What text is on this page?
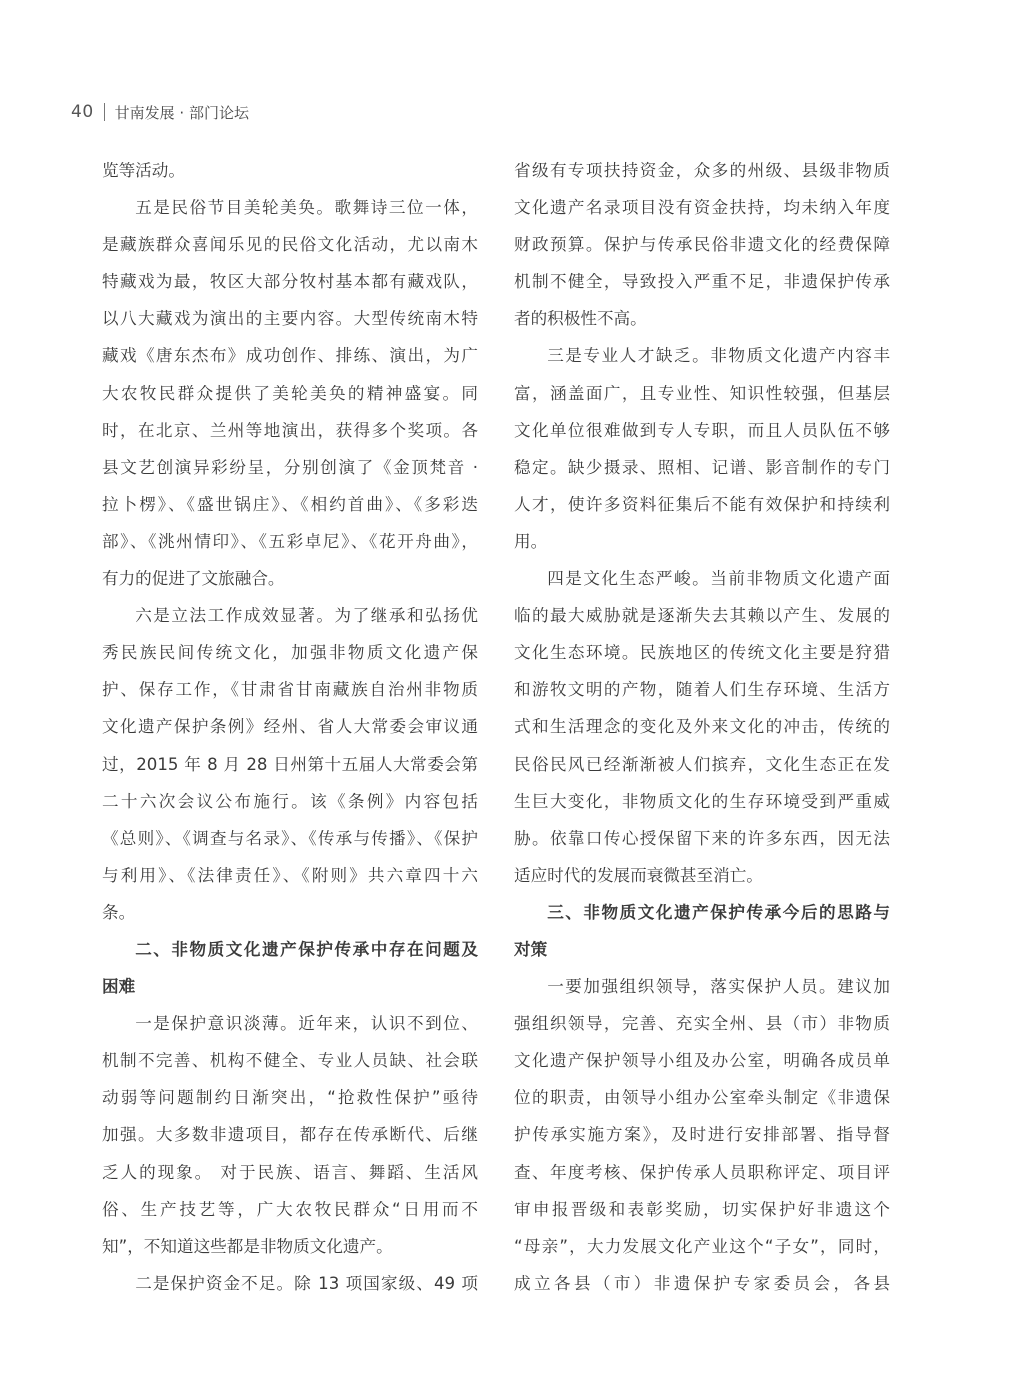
40 甘南发展 · 部门论坛
览等活动。
五是民俗节目美轮美奂。歌舞诗三位一体，
是藏族群众喜闻乐见的民俗文化活动，尤以南木
特藏戏为最，牧区大部分牧村基本都有藏戏队，
以八大藏戏为演出的主要内容。大型传统南木特
藏戏《唐东杰布》成功创作、排练、演出，为广
大农牧民群众提供了美轮美奂的精神盛宴。同
时，在北京、兰州等地演出，获得多个奖项。各
县文艺创演异彩纷呈，分别创演了《金顶梵音 ·
拉卜楞》、《盛世锅庄》、《相约首曲》、《多彩迭
部》、《洮州情印》、《五彩卓尼》、《花开舟曲》，
有力的促进了文旅融合。
六是立法工作成效显著。为了继承和弘扬优
秀民族民间传统文化，加强非物质文化遗产保
护、保存工作，《甘肃省甘南藏族自治州非物质
文化遗产保护条例》经州、省人大常委会审议通
过，2015 年 8 月 28 日州第十五届人大常委会第
二十六次会议公布施行。该《条例》内容包括
《总则》、《调查与名录》、《传承与传播》、《保护
与利用》、《法律责任》、《附则》共六章四十六
条。
二、非物质文化遗产保护传承中存在问题及
困难
一是保护意识淡薄。近年来，认识不到位、
机制不完善、机构不健全、专业人员缺、社会联
动弱等问题制约日渐突出，“抢救性保护”亟待
加强。大多数非遗项目，都存在传承断代、后继
乏人的现象。 对于民族、语言、舞蹈、生活风
俗、生产技艺等，广大农牧民群众“日用而不
知”，不知道这些都是非物质文化遗产。
二是保护资金不足。除 13 项国家级、49 项
省级有专项扶持资金，众多的州级、县级非物质
文化遗产名录项目没有资金扶持，均未纳入年度
财政预算。保护与传承民俗非遗文化的经费保障
机制不健全，导致投入严重不足，非遗保护传承
者的积极性不高。
三是专业人才缺乏。非物质文化遗产内容丰
富，涵盖面广，且专业性、知识性较强，但基层
文化单位很难做到专人专职，而且人员队伍不够
稳定。缺少摄录、照相、记谱、影音制作的专门
人才，使许多资料征集后不能有效保护和持续利
用。
四是文化生态严峻。当前非物质文化遗产面
临的最大威胁就是逐渐失去其赖以产生、发展的
文化生态环境。民族地区的传统文化主要是狩猎
和游牧文明的产物，随着人们生存环境、生活方
式和生活理念的变化及外来文化的冲击，传统的
民俗民风已经渐渐被人们摈弃，文化生态正在发
生巨大变化，非物质文化的生存环境受到严重威
胁。依靠口传心授保留下来的许多东西，因无法
适应时代的发展而衰微甚至消亡。
三、非物质文化遗产保护传承今后的思路与
对策
一要加强组织领导，落实保护人员。建议加
强组织领导，完善、充实全州、县（市）非物质
文化遗产保护领导小组及办公室，明确各成员单
位的职责，由领导小组办公室牵头制定《非遗保
护传承实施方案》，及时进行安排部署、指导督
查、年度考核、保护传承人员职称评定、项目评
审申报晋级和表彰奖励，切实保护好非遗这个
“母亲”，大力发展文化产业这个“子女”，同时，
成立各县（市）非遗保护专家委员会，各县
